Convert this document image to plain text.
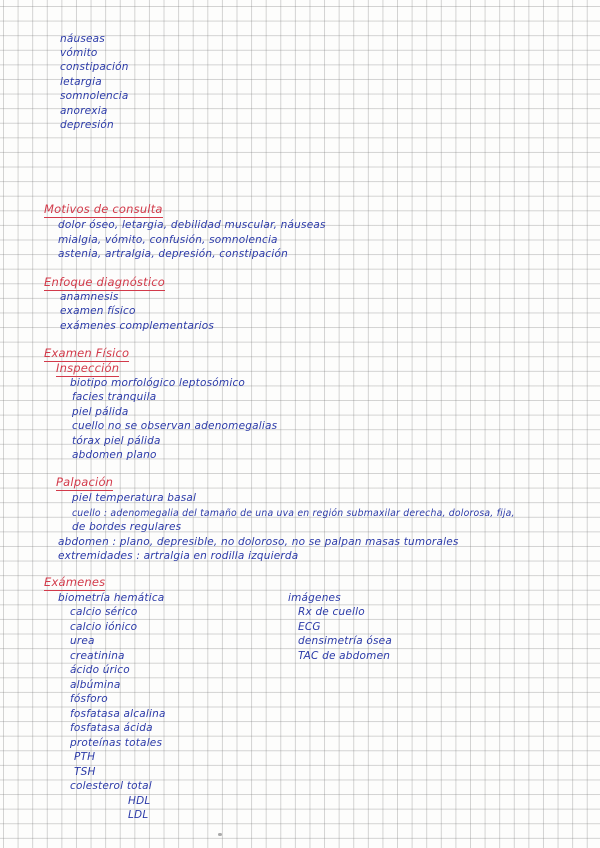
náuseas
vómito
constipación
letargia
somnolencia
anorexia
depresión
Motivos de consulta
dolor óseo, letargia, debilidad muscular, náuseas
mialgia, vómito, confusión, somnolencia
astenia, artralgia, depresión, constipación
Enfoque diagnóstico
anamnesis
examen físico
exámenes complementarios
Examen Físico
Inspección
biotipo morfológico leptosómico
facies tranquila
piel pálida
cuello no se observan adenomegalias
tórax piel pálida
abdomen plano
Palpación
piel temperatura basal
cuello : adenomegalia del tamaño de una uva en región submaxilar derecha, dolorosa, fija,
de bordes regulares
abdomen : plano, depresible, no doloroso, no se palpan masas tumorales
extremidades : artralgia en rodilla izquierda
Exámenes
biometría hemática
calcio sérico
calcio iónico
urea
creatinina
ácido úrico
albúmina
fósforo
fosfatasa alcalina
fosfatasa ácida
proteínas totales
PTH
TSH
colesterol total
HDL
LDL
imágenes
Rx de cuello
ECG
densimetría ósea
TAC de abdomen
